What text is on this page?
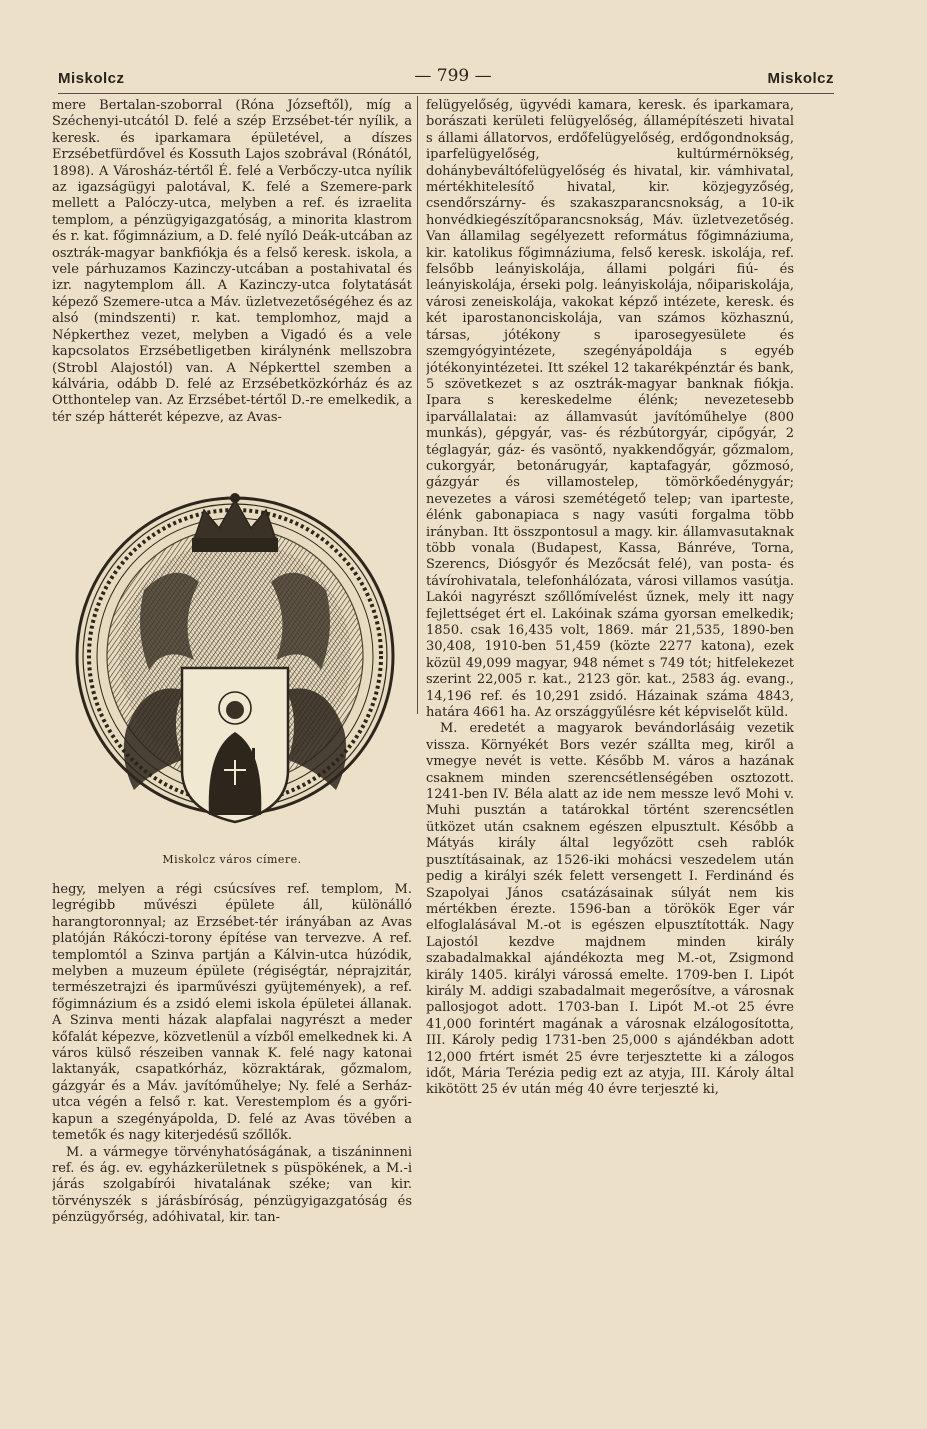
Miskolcz	— 799 —	Miskolcz

mere Bertalan-szoborral (Róna Józseftől), míg a Széchenyi-utcától D. felé a szép Erzsébet-tér nyílik, a keresk. és iparkamara épületével, a díszes Erzsébetfürdővel és Kossuth Lajos szobrával (Rónától, 1898). A Városház-tértől É. felé a Verbőczy-utca nyílik az igazságügyi palotával, K. felé a Szemere-park mellett a Palóczy-utca, melyben a ref. és izraelita templom, a pénzügyigazgatóság, a minorita klastrom és r. kat. főgimnázium, a D. felé nyíló Deák-utcában az osztrák-magyar bankfiókja és a felső keresk. iskola, a vele párhuzamos Kazinczy-utcában a postahivatal és izr. nagytemplom áll. A Kazinczy-utca folytatását képező Szemere-utca a Máv. üzletvezetőségéhez és az alsó (mindszenti) r. kat. templomhoz, majd a Népkerthez vezet, melyben a Vigadó és a vele kapcsolatos Erzsébetligetben királynénk mellszobra (Strobl Alajostól) van. A Népkerttel szemben a kálvária, odább D. felé az Erzsébetközkórház és az Otthontelep van. Az Erzsébet-tértől D.-re emelkedik, a tér szép hátterét képezve, az Avas-

Miskolcz város címere.

hegy, melyen a régi csúcsíves ref. templom, M. legrégibb művészi épülete áll, különálló harangtoronnyal; az Erzsébet-tér irányában az Avas platóján Rákóczi-torony építése van tervezve. A ref. templomtól a Szinva partján a Kálvin-utca húzódik, melyben a muzeum épülete (régiségtár, néprajzitár, természetrajzi és iparművészi gyüjtemények), a ref. főgimnázium és a zsidó elemi iskola épületei állanak. A Szinva menti házak alapfalai nagyrészt a meder kőfalát képezve, közvetlenül a vízből emelkednek ki. A város külső részeiben vannak K. felé nagy katonai laktanyák, csapatkórház, közraktárak, gőzmalom, gázgyár és a Máv. javítóműhelye; Ny. felé a Serház-utca végén a felső r. kat. Verestemplom és a győri-kapun a szegényápolda, D. felé az Avas tövében a temetők és nagy kiterjedésű szőllők.

M. a vármegye törvényhatóságának, a tiszáninneni ref. és ág. ev. egyházkerületnek s püspökének, a M.-i járás szolgabírói hivatalának széke; van kir. törvényszék s járásbíróság, pénzügyigazgatóság és pénzügyőrség, adóhivatal, kir. tan-

felügyelőség, ügyvédi kamara, keresk. és iparkamara, borászati kerületi felügyelőség, államépítészeti hivatal s állami állatorvos, erdőfelügyelőség, erdőgondnokság, iparfelügyelőség, kultúrmérnökség, dohánybeváltófelügyelőség és hivatal, kir. vámhivatal, mértékhitelesítő hivatal, kir. közjegyzőség, csendőrszárny- és szakaszparancsnokság, a 10-ik honvédkiegészítőparancsnokság, Máv. üzletvezetőség. Van államilag segélyezett református főgimnáziuma, kir. katolikus főgimnáziuma, felső keresk. iskolája, ref. felsőbb leányiskolája, állami polgári fiú- és leányiskolája, érseki polg. leányiskolája, nőipariskolája, városi zeneiskolája, vakokat képző intézete, keresk. és két iparostanonciskolája, van számos közhasznú, társas, jótékony s iparosegyesülete és szemgyógyintézete, szegényápoldája s egyéb jótékonyintézetei. Itt székel 12 takarékpénztár és bank, 5 szövetkezet s az osztrák-magyar banknak fiókja. Ipara s kereskedelme élénk; nevezetesebb iparvállalatai: az államvasút javítóműhelye (800 munkás), gépgyár, vas- és rézbútorgyár, cipőgyár, 2 téglagyár, gáz- és vasöntő, nyakkendőgyár, gőzmalom, cukorgyár, betonárugyár, kaptafagyár, gőzmosó, gázgyár és villamostelep, tömörkőedénygyár; nevezetes a városi szemétégető telep; van iparteste, élénk gabonapiaca s nagy vasúti forgalma több irányban. Itt összpontosul a magy. kir. államvasutaknak több vonala (Budapest, Kassa, Bánréve, Torna, Szerencs, Diósgyőr és Mezőcsát felé), van posta- és távírohivatala, telefonhálózata, városi villamos vasútja. Lakói nagyrészt szőllőmívelést űznek, mely itt nagy fejlettséget ért el. Lakóinak száma gyorsan emelkedik; 1850. csak 16,435 volt, 1869. már 21,535, 1890-ben 30,408, 1910-ben 51,459 (közte 2277 katona), ezek közül 49,099 magyar, 948 német s 749 tót; hitfelekezet szerint 22,005 r. kat., 2123 gör. kat., 2583 ág. evang., 14,196 ref. és 10,291 zsidó. Házainak száma 4843, határa 4661 ha. Az országgyűlésre két képviselőt küld.

M. eredetét a magyarok bevándorlásáig vezetik vissza. Környékét Bors vezér szállta meg, kiről a vmegye nevét is vette. Később M. város a hazának csaknem minden szerencsétlenségében osztozott. 1241-ben IV. Béla alatt az ide nem messze levő Mohi v. Muhi pusztán a tatárokkal történt szerencsétlen ütközet után csaknem egészen elpusztult. Később a Mátyás király által legyőzött cseh rablók pusztításainak, az 1526-iki mohácsi veszedelem után pedig a királyi szék felett versengett I. Ferdinánd és Szapolyai János csatázásainak súlyát nem kis mértékben érezte. 1596-ban a törökök Eger vár elfoglalásával M.-ot is egészen elpusztították. Nagy Lajostól kezdve majdnem minden király szabadalmakkal ajándékozta meg M.-ot, Zsigmond király 1405. királyi várossá emelte. 1709-ben I. Lipót király M. addigi szabadalmait megerősítve, a városnak pallosjogot adott. 1703-ban I. Lipót M.-ot 25 évre 41,000 forintért magának a városnak elzálogosította, III. Károly pedig 1731-ben 25,000 s ajándékban adott 12,000 frtért ismét 25 évre terjesztette ki a zálogos időt, Mária Terézia pedig ezt az atyja, III. Károly által kikötött 25 év után még 40 évre terjeszté ki,
